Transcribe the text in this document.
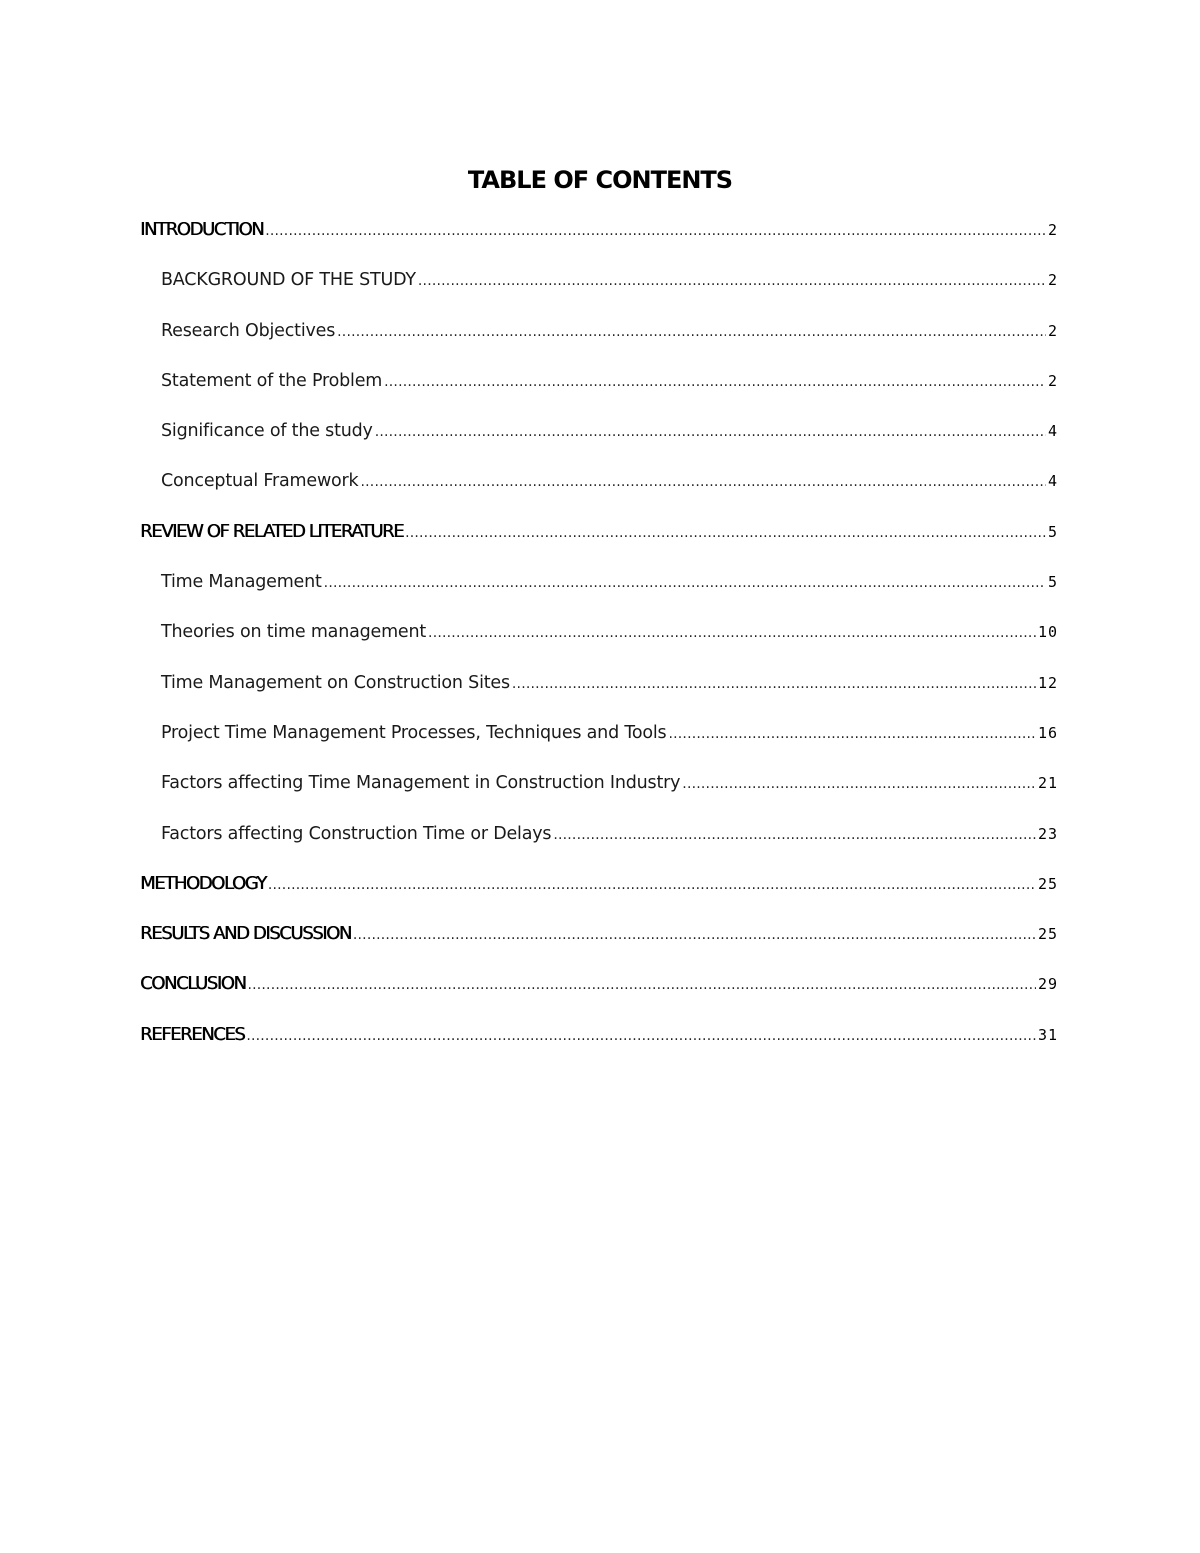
TABLE OF CONTENTS
INTRODUCTION .....	2
BACKGROUND OF THE STUDY .....	2
Research Objectives .....	2
Statement of the Problem .....	2
Significance of the study .....	4
Conceptual Framework .....	4
REVIEW OF RELATED LITERATURE .....	5
Time Management .....	5
Theories on time management .....	10
Time Management on Construction Sites .....	12
Project Time Management Processes, Techniques and Tools .....	16
Factors affecting Time Management in Construction Industry .....	21
Factors affecting Construction Time or Delays .....	23
METHODOLOGY .....	25
RESULTS AND DISCUSSION .....	25
CONCLUSION .....	29
REFERENCES .....	31
